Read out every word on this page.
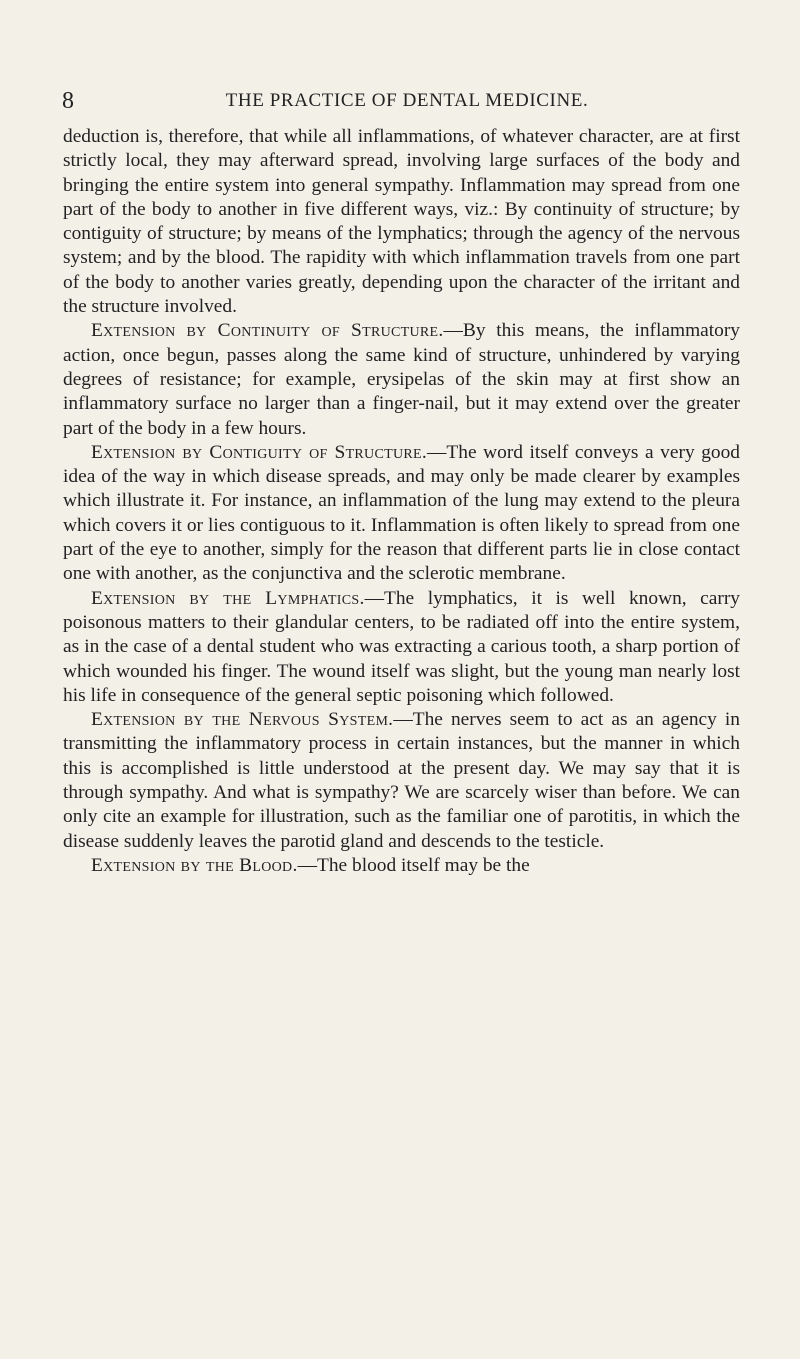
8	THE PRACTICE OF DENTAL MEDICINE.

deduction is, therefore, that while all inflammations, of whatever character, are at first strictly local, they may afterward spread, involving large surfaces of the body and bringing the entire system into general sympathy. Inflammation may spread from one part of the body to another in five different ways, viz.: By continuity of structure; by contiguity of structure; by means of the lymphatics; through the agency of the nervous system; and by the blood. The rapidity with which inflammation travels from one part of the body to another varies greatly, depending upon the character of the irritant and the structure involved.

Extension by Continuity of Structure.—By this means, the inflammatory action, once begun, passes along the same kind of structure, unhindered by varying degrees of resistance; for example, erysipelas of the skin may at first show an inflammatory surface no larger than a finger-nail, but it may extend over the greater part of the body in a few hours.

Extension by Contiguity of Structure.—The word itself conveys a very good idea of the way in which disease spreads, and may only be made clearer by examples which illustrate it. For instance, an inflammation of the lung may extend to the pleura which covers it or lies contiguous to it. Inflammation is often likely to spread from one part of the eye to another, simply for the reason that different parts lie in close contact one with another, as the conjunctiva and the sclerotic membrane.

Extension by the Lymphatics.—The lymphatics, it is well known, carry poisonous matters to their glandular centers, to be radiated off into the entire system, as in the case of a dental student who was extracting a carious tooth, a sharp portion of which wounded his finger. The wound itself was slight, but the young man nearly lost his life in consequence of the general septic poisoning which followed.

Extension by the Nervous System.—The nerves seem to act as an agency in transmitting the inflammatory process in certain instances, but the manner in which this is accomplished is little understood at the present day. We may say that it is through sympathy. And what is sympathy? We are scarcely wiser than before. We can only cite an example for illustration, such as the familiar one of parotitis, in which the disease suddenly leaves the parotid gland and descends to the testicle.

Extension by the Blood.—The blood itself may be the
